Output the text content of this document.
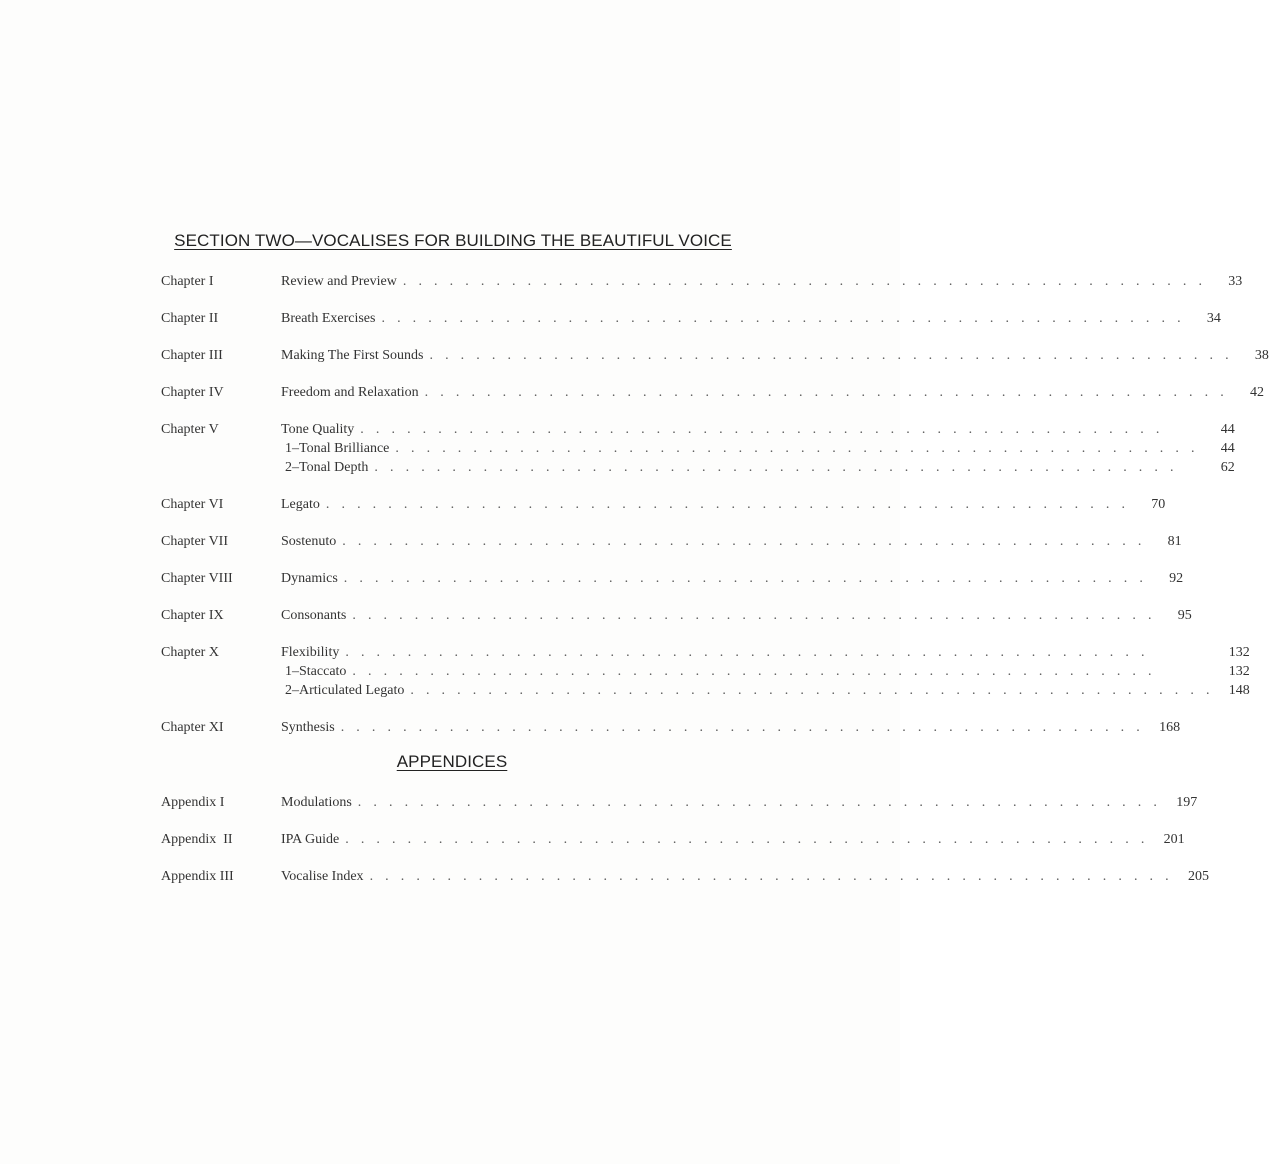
SECTION TWO—VOCALISES FOR BUILDING THE BEAUTIFUL VOICE
Chapter I	Review and Preview . . .	33
Chapter II	Breath Exercises . . .	34
Chapter III	Making The First Sounds . . .	38
Chapter IV	Freedom and Relaxation . . .	42
Chapter V	Tone Quality . . .	44
1–Tonal Brilliance . . .	44
2–Tonal Depth . . .	62
Chapter VI	Legato . . .	70
Chapter VII	Sostenuto . . .	81
Chapter VIII	Dynamics . . .	92
Chapter IX	Consonants . . .	95
Chapter X	Flexibility . . .	132
1–Staccato . . .	132
2–Articulated Legato . . .	148
Chapter XI	Synthesis . . .	168
APPENDICES
Appendix I	Modulations . . .	197
Appendix  II	IPA Guide . . .	201
Appendix III	Vocalise Index . . .	205
